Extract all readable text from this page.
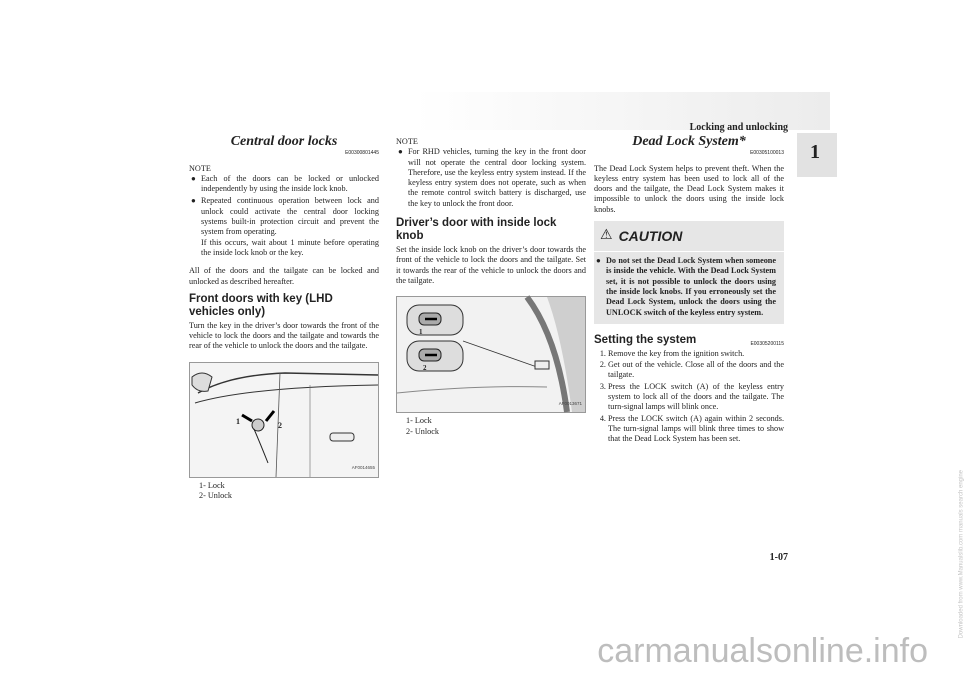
Locking and unlocking
1
Central door locks
E00300801445
NOTE
● Each of the doors can be locked or unlocked independently by using the inside lock knob.
● Repeated continuous operation between lock and unlock could activate the central door locking systems built-in protection circuit and prevent the system from operating.
If this occurs, wait about 1 minute before operating the inside lock knob or the key.

All of the doors and the tailgate can be locked and unlocked as described hereafter.

Front doors with key (LHD vehicles only)

Turn the key in the driver’s door towards the front of the vehicle to lock the doors and the tailgate and towards the rear of the vehicle to unlock the doors and the tailgate.

1	2
AF0014655
1- Lock
2- Unlock
NOTE
● For RHD vehicles, turning the key in the front door will not operate the central door locking system. Therefore, use the keyless entry system instead. If the keyless entry system does not operate, such as when the remote control switch battery is discharged, use the key to unlock the front door.
Driver’s door with inside lock knob

Set the inside lock knob on the driver’s door towards the front of the vehicle to lock the doors and the tailgate. Set it towards the rear of the vehicle to unlock the doors and the tailgate.

1
2
AF0013671
1- Lock
2- Unlock
Dead Lock System*
E00305100013

The Dead Lock System helps to prevent theft. When the keyless entry system has been used to lock all of the doors and the tailgate, the Dead Lock System makes it impossible to unlock the doors using the inside lock knobs.

⚠ CAUTION
● Do not set the Dead Lock System when someone is inside the vehicle. With the Dead Lock System set, it is not possible to unlock the doors using the inside lock knobs. If you erroneously set the Dead Lock System, unlock the doors using the UNLOCK switch of the keyless entry system.
E00305200115
Setting the system
1. Remove the key from the ignition switch.
2. Get out of the vehicle. Close all of the doors and the tailgate.
3. Press the LOCK switch (A) of the keyless entry system to lock all of the doors and the tailgate. The turn-signal lamps will blink once.
4. Press the LOCK switch (A) again within 2 seconds. The turn-signal lamps will blink three times to show that the Dead Lock System has been set.
1-07	Downloaded from www.Manualslib.com manuals search engine
carmanualsonline.info
